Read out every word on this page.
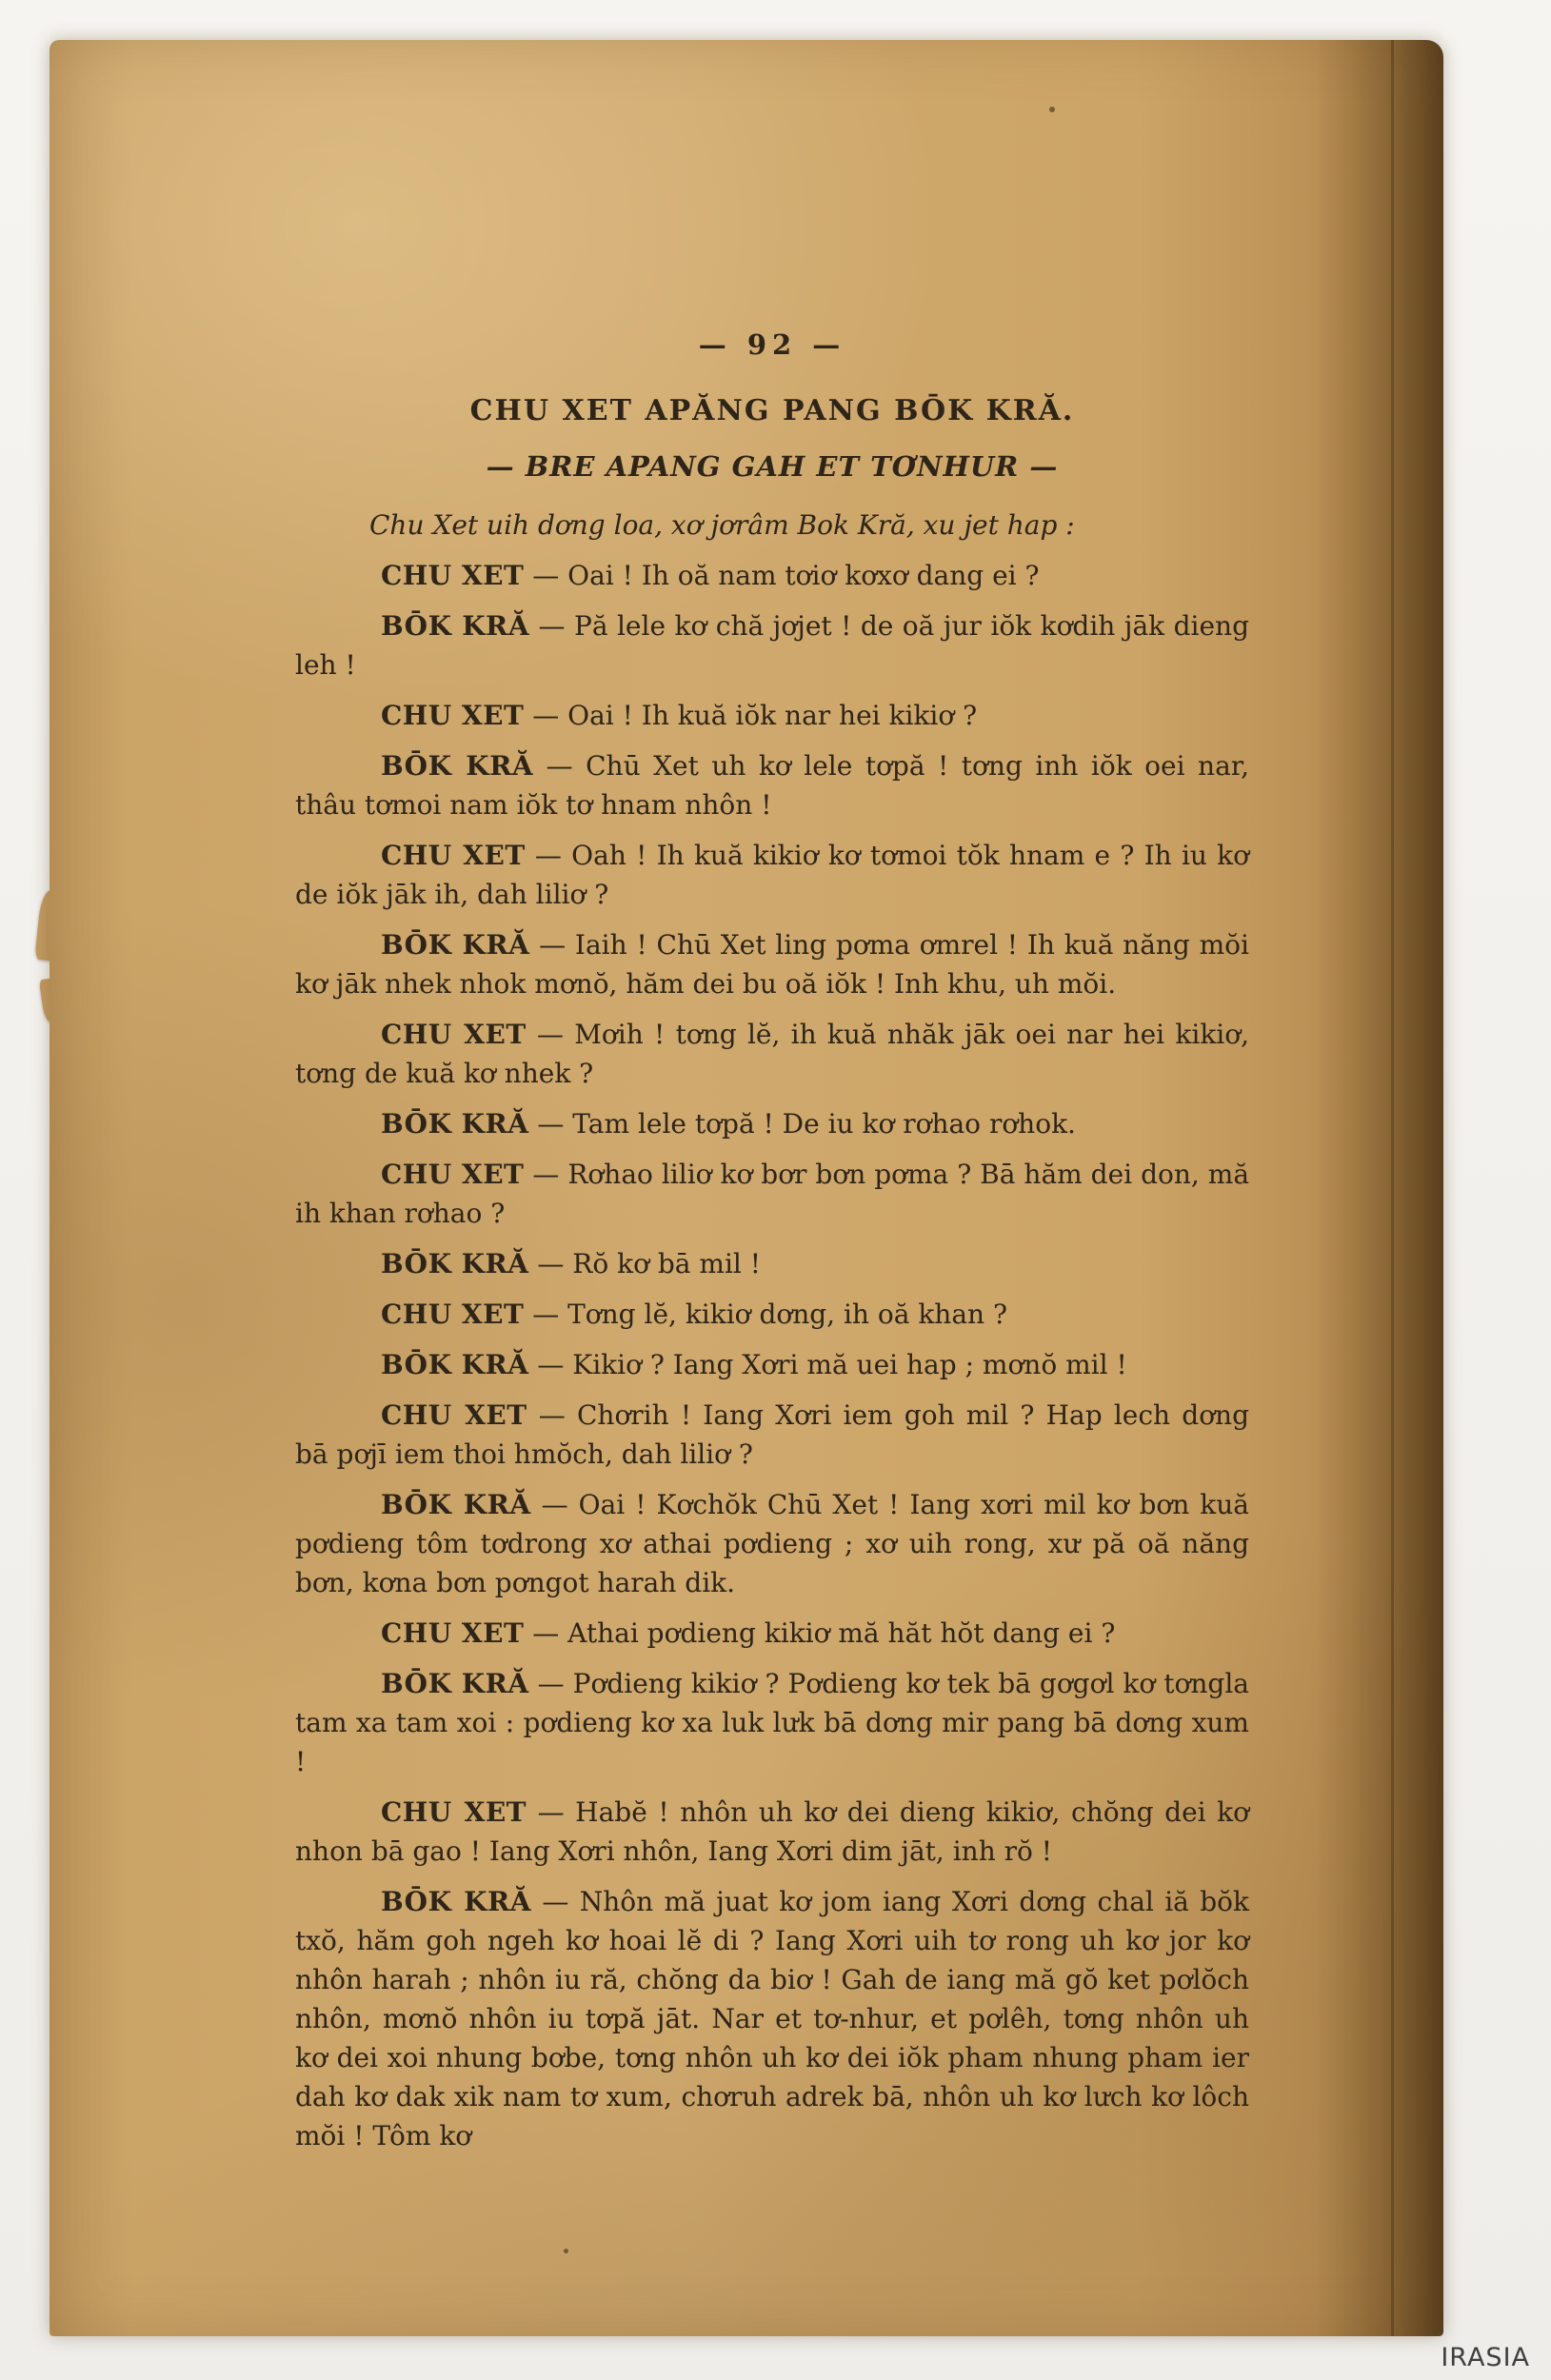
— 92 —
CHU XET APĂNG PANG BŌK KRĂ.
— BRE APANG GAH ET TƠNHUR —

Chu Xet uih dơng loa, xơ jơrâm Bok Kră, xu jet hap :

CHU XET — Oai ! Ih oă nam tơiơ kơxơ dang ei ?

BŌK KRĂ — Pă lele kơ chă jơjet ! de oă jur iŏk kơdih jāk dieng leh !

CHU XET — Oai ! Ih kuă iŏk nar hei kikiơ ?

BŌK KRĂ — Chū Xet uh kơ lele tơpă ! tơng inh iŏk oei nar, thâu tơmoi nam iŏk tơ hnam nhôn !

CHU XET — Oah ! Ih kuă kikiơ kơ tơmoi tŏk hnam e ? Ih iu kơ de iŏk jāk ih, dah liliơ ?

BŌK KRĂ — Iaih ! Chū Xet ling pơma ơmrel ! Ih kuă năng mŏi kơ jāk nhek nhok mơnŏ, hăm dei bu oă iŏk ! Inh khu, uh mŏi.

CHU XET — Mơih ! tơng lĕ, ih kuă nhăk jāk oei nar hei kikiơ, tơng de kuă kơ nhek ?

BŌK KRĂ — Tam lele tơpă ! De iu kơ rơhao rơhok.

CHU XET — Rơhao liliơ kơ bơr bơn pơma ? Bā hăm dei don, mă ih khan rơhao ?

BŌK KRĂ — Rŏ kơ bā mil !

CHU XET — Tơng lĕ, kikiơ dơng, ih oă khan ?

BŌK KRĂ — Kikiơ ? Iang Xơri mă uei hap ; mơnŏ mil !

CHU XET — Chơrih ! Iang Xơri iem goh mil ? Hap lech dơng bā pơjī iem thoi hmŏch, dah liliơ ?

BŌK KRĂ — Oai ! Kơchŏk Chū Xet ! Iang xơri mil kơ bơn kuă pơdieng tôm tơdrong xơ athai pơdieng ; xơ uih rong, xư pă oă năng bơn, kơna bơn pơngot harah dik.

CHU XET — Athai pơdieng kikiơ mă hăt hŏt dang ei ?

BŌK KRĂ — Pơdieng kikiơ ? Pơdieng kơ tek bā gơgơl kơ tơngla tam xa tam xoi : pơdieng kơ xa luk lưk bā dơng mir pang bā dơng xum !

CHU XET — Habĕ ! nhôn uh kơ dei dieng kikiơ, chŏng dei kơ nhon bā gao ! Iang Xơri nhôn, Iang Xơri dim jāt, inh rŏ !

BŌK KRĂ — Nhôn mă juat kơ jom iang Xơri dơng chal iă bŏk txŏ, hăm goh ngeh kơ hoai lĕ di ? Iang Xơri uih tơ rong uh kơ jor kơ nhôn harah ; nhôn iu ră, chŏng da biơ ! Gah de iang mă gŏ ket pơlŏch nhôn, mơnŏ nhôn iu tơpă jāt. Nar et tơ-nhur, et pơlêh, tơng nhôn uh kơ dei xoi nhung bơbe, tơng nhôn uh kơ dei iŏk pham nhung pham ier dah kơ dak xik nam tơ xum, chơruh adrek bā, nhôn uh kơ lưch kơ lôch mŏi ! Tôm kơ

IRASIA
